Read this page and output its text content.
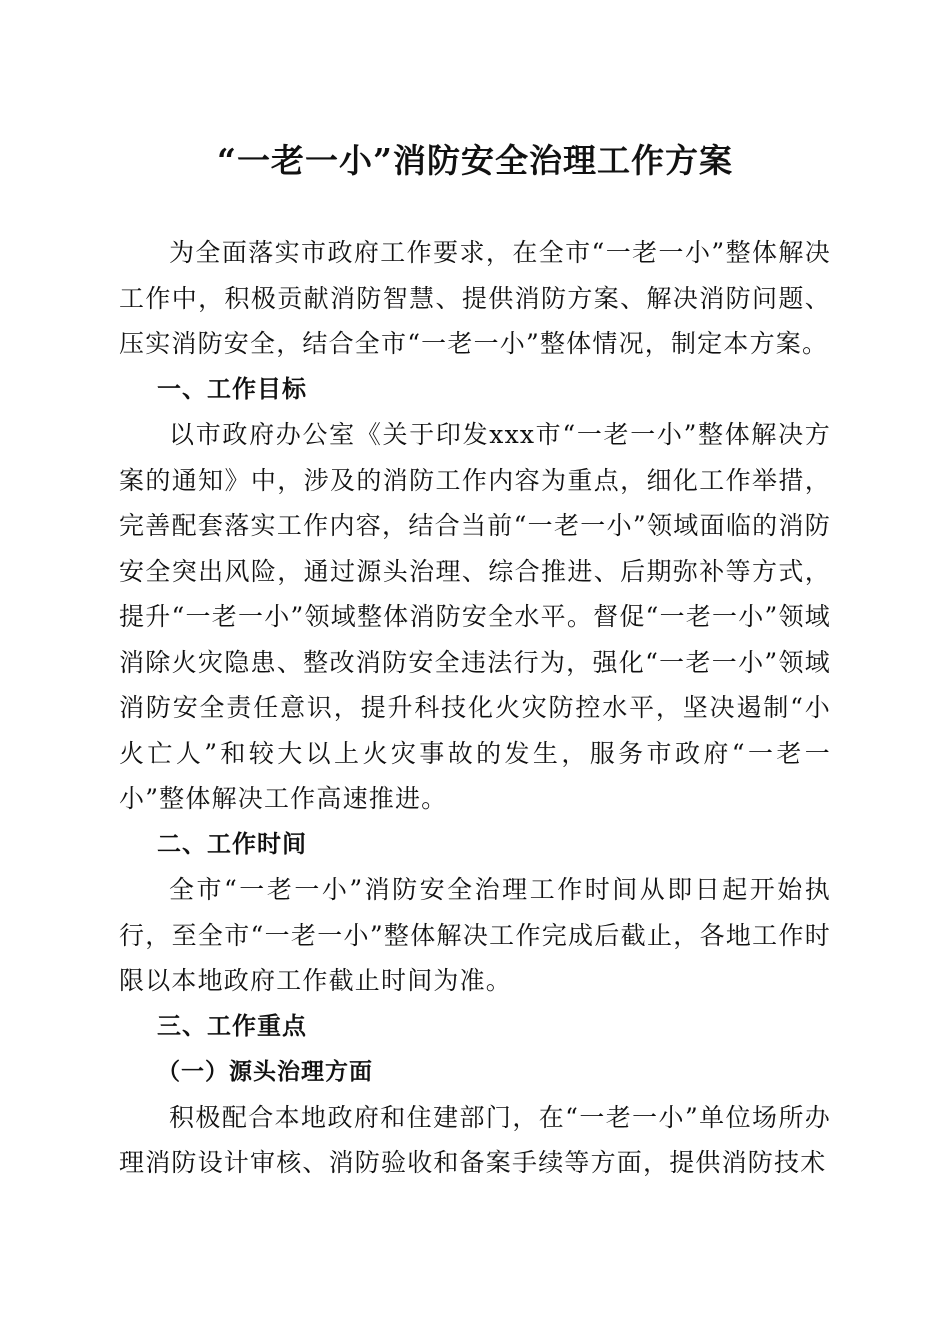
“一老一小”消防安全治理工作方案

为全面落实市政府工作要求，在全市“一老一小”整体解决工作中，积极贡献消防智慧、提供消防方案、解决消防问题、压实消防安全，结合全市“一老一小”整体情况，制定本方案。

一、工作目标

以市政府办公室《关于印发xxx市“一老一小”整体解决方案的通知》中，涉及的消防工作内容为重点，细化工作举措，完善配套落实工作内容，结合当前“一老一小”领域面临的消防安全突出风险，通过源头治理、综合推进、后期弥补等方式，提升“一老一小”领域整体消防安全水平。督促“一老一小”领域消除火灾隐患、整改消防安全违法行为，强化“一老一小”领域消防安全责任意识，提升科技化火灾防控水平，坚决遏制“小火亡人”和较大以上火灾事故的发生，服务市政府“一老一小”整体解决工作高速推进。

二、工作时间

全市“一老一小”消防安全治理工作时间从即日起开始执行，至全市“一老一小”整体解决工作完成后截止，各地工作时限以本地政府工作截止时间为准。

三、工作重点
（一）源头治理方面

积极配合本地政府和住建部门，在“一老一小”单位场所办理消防设计审核、消防验收和备案手续等方面，提供消防技术
